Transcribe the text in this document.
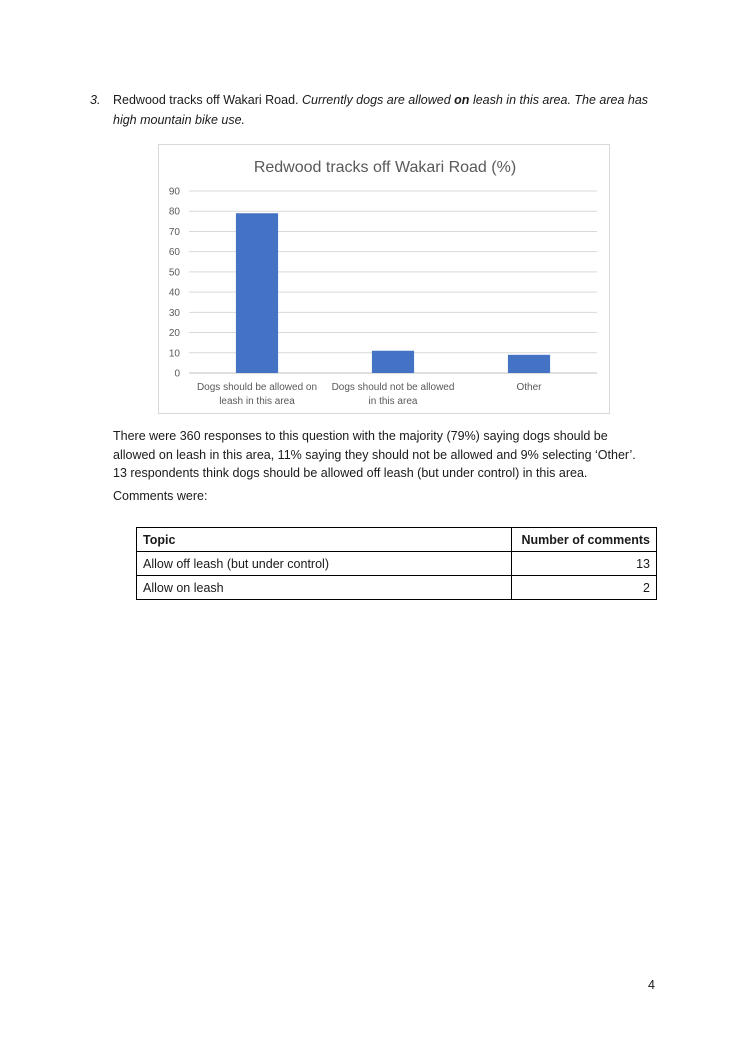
3. Redwood tracks off Wakari Road. Currently dogs are allowed on leash in this area. The area has
high mountain bike use.
Redwood tracks off Wakari Road (%)
0
10
20
30
40
50
60
70
80
90
Dogs should be allowed on
leash in this area
Dogs should not be allowed
in this area
Other
There were 360 responses to this question with the majority (79%) saying dogs should be
allowed on leash in this area, 11% saying they should not be allowed and 9% selecting ‘Other’.
13 respondents think dogs should be allowed off leash (but under control) in this area.
Comments were:
Topic	Number of comments
Allow off leash (but under control)	13
Allow on leash	2
4
